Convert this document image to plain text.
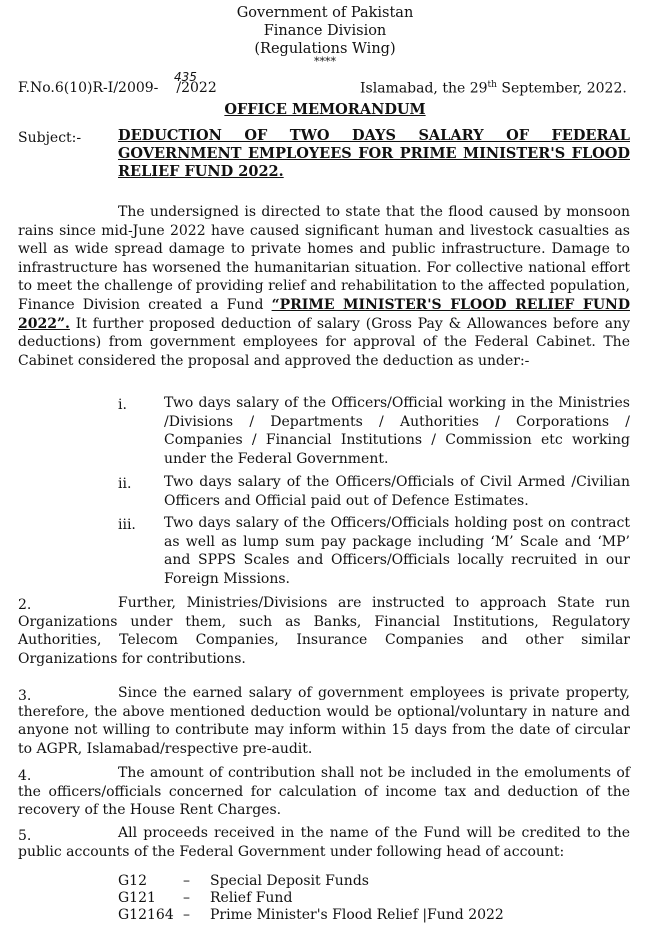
Government of Pakistan
Finance Division
(Regulations Wing)
****
F.No.6(10)R-I/2009- /2022
435
Islamabad, the 29th September, 2022.
OFFICE MEMORANDUM
Subject:-	DEDUCTION OF TWO DAYS SALARY OF FEDERAL GOVERNMENT EMPLOYEES FOR PRIME MINISTER'S FLOOD RELIEF FUND 2022.
The undersigned is directed to state that the flood caused by monsoon rains since mid-June 2022 have caused significant human and livestock casualties as well as wide spread damage to private homes and public infrastructure. Damage to infrastructure has worsened the humanitarian situation. For collective national effort to meet the challenge of providing relief and rehabilitation to the affected population, Finance Division created a Fund “PRIME MINISTER'S FLOOD RELIEF FUND 2022”. It further proposed deduction of salary (Gross Pay & Allowances before any deductions) from government employees for approval of the Federal Cabinet. The Cabinet considered the proposal and approved the deduction as under:-
i.	Two days salary of the Officers/Official working in the Ministries /Divisions / Departments / Authorities / Corporations / Companies / Financial Institutions / Commission etc working under the Federal Government.
ii. Two days salary of the Officers/Officials of Civil Armed /Civilian Officers and Official paid out of Defence Estimates.
iii. Two days salary of the Officers/Officials holding post on contract as well as lump sum pay package including ‘M’ Scale and ‘MP’ and SPPS Scales and Officers/Officials locally recruited in our Foreign Missions.
2.	Further, Ministries/Divisions are instructed to approach State run Organizations under them, such as Banks, Financial Institutions, Regulatory Authorities, Telecom Companies, Insurance Companies and other similar Organizations for contributions.
3.	Since the earned salary of government employees is private property, therefore, the above mentioned deduction would be optional/voluntary in nature and anyone not willing to contribute may inform within 15 days from the date of circular to AGPR, Islamabad/respective pre-audit.
4.	The amount of contribution shall not be included in the emoluments of the officers/officials concerned for calculation of income tax and deduction of the recovery of the House Rent Charges.
5.	All proceeds received in the name of the Fund will be credited to the public accounts of the Federal Government under following head of account:
G12	– Special Deposit Funds
G121 – Relief Fund
G12164 – Prime Minister's Flood Relief |Fund 2022
